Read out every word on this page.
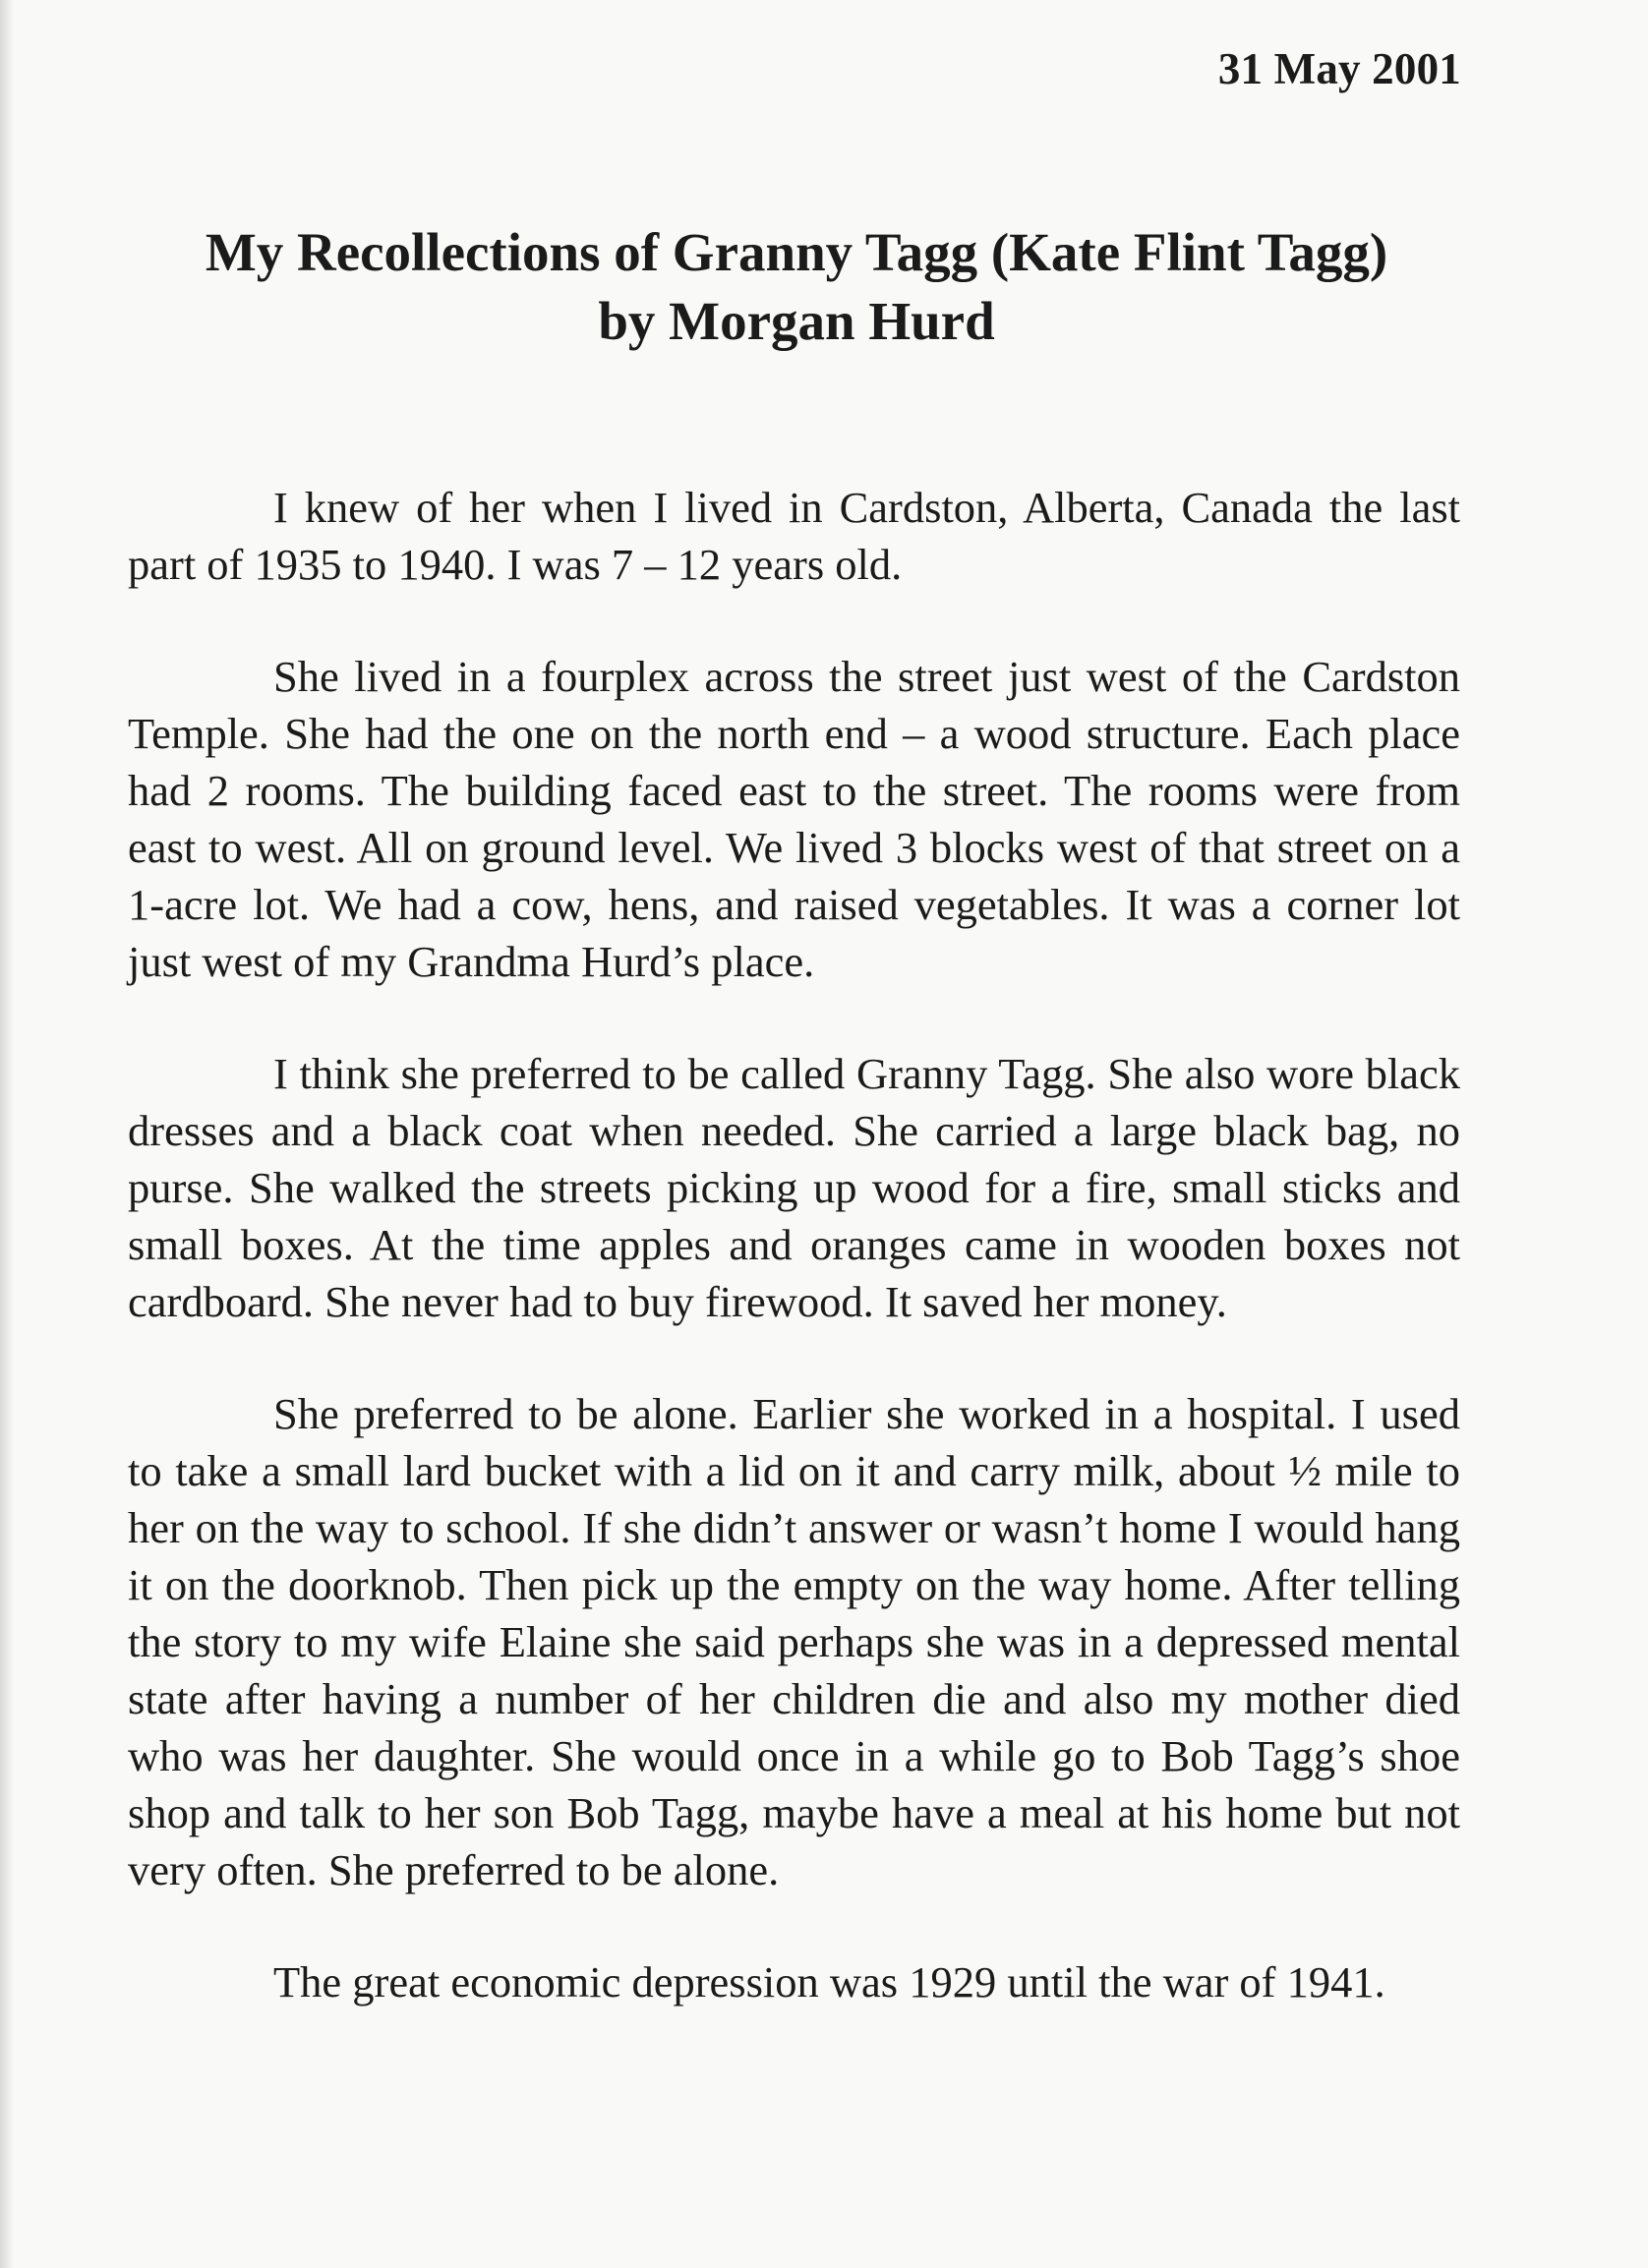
31 May 2001
My Recollections of Granny Tagg (Kate Flint Tagg)
by Morgan Hurd

I knew of her when I lived in Cardston, Alberta, Canada the last part of 1935 to 1940. I was 7 – 12 years old.

She lived in a fourplex across the street just west of the Cardston Temple. She had the one on the north end – a wood structure. Each place had 2 rooms. The building faced east to the street. The rooms were from east to west. All on ground level. We lived 3 blocks west of that street on a 1-acre lot. We had a cow, hens, and raised vegetables. It was a corner lot just west of my Grandma Hurd’s place.

I think she preferred to be called Granny Tagg. She also wore black dresses and a black coat when needed. She carried a large black bag, no purse. She walked the streets picking up wood for a fire, small sticks and small boxes. At the time apples and oranges came in wooden boxes not cardboard. She never had to buy firewood. It saved her money.

She preferred to be alone. Earlier she worked in a hospital. I used to take a small lard bucket with a lid on it and carry milk, about ½ mile to her on the way to school. If she didn’t answer or wasn’t home I would hang it on the doorknob. Then pick up the empty on the way home. After telling the story to my wife Elaine she said perhaps she was in a depressed mental state after having a number of her children die and also my mother died who was her daughter. She would once in a while go to Bob Tagg’s shoe shop and talk to her son Bob Tagg, maybe have a meal at his home but not very often. She preferred to be alone.

The great economic depression was 1929 until the war of 1941.
